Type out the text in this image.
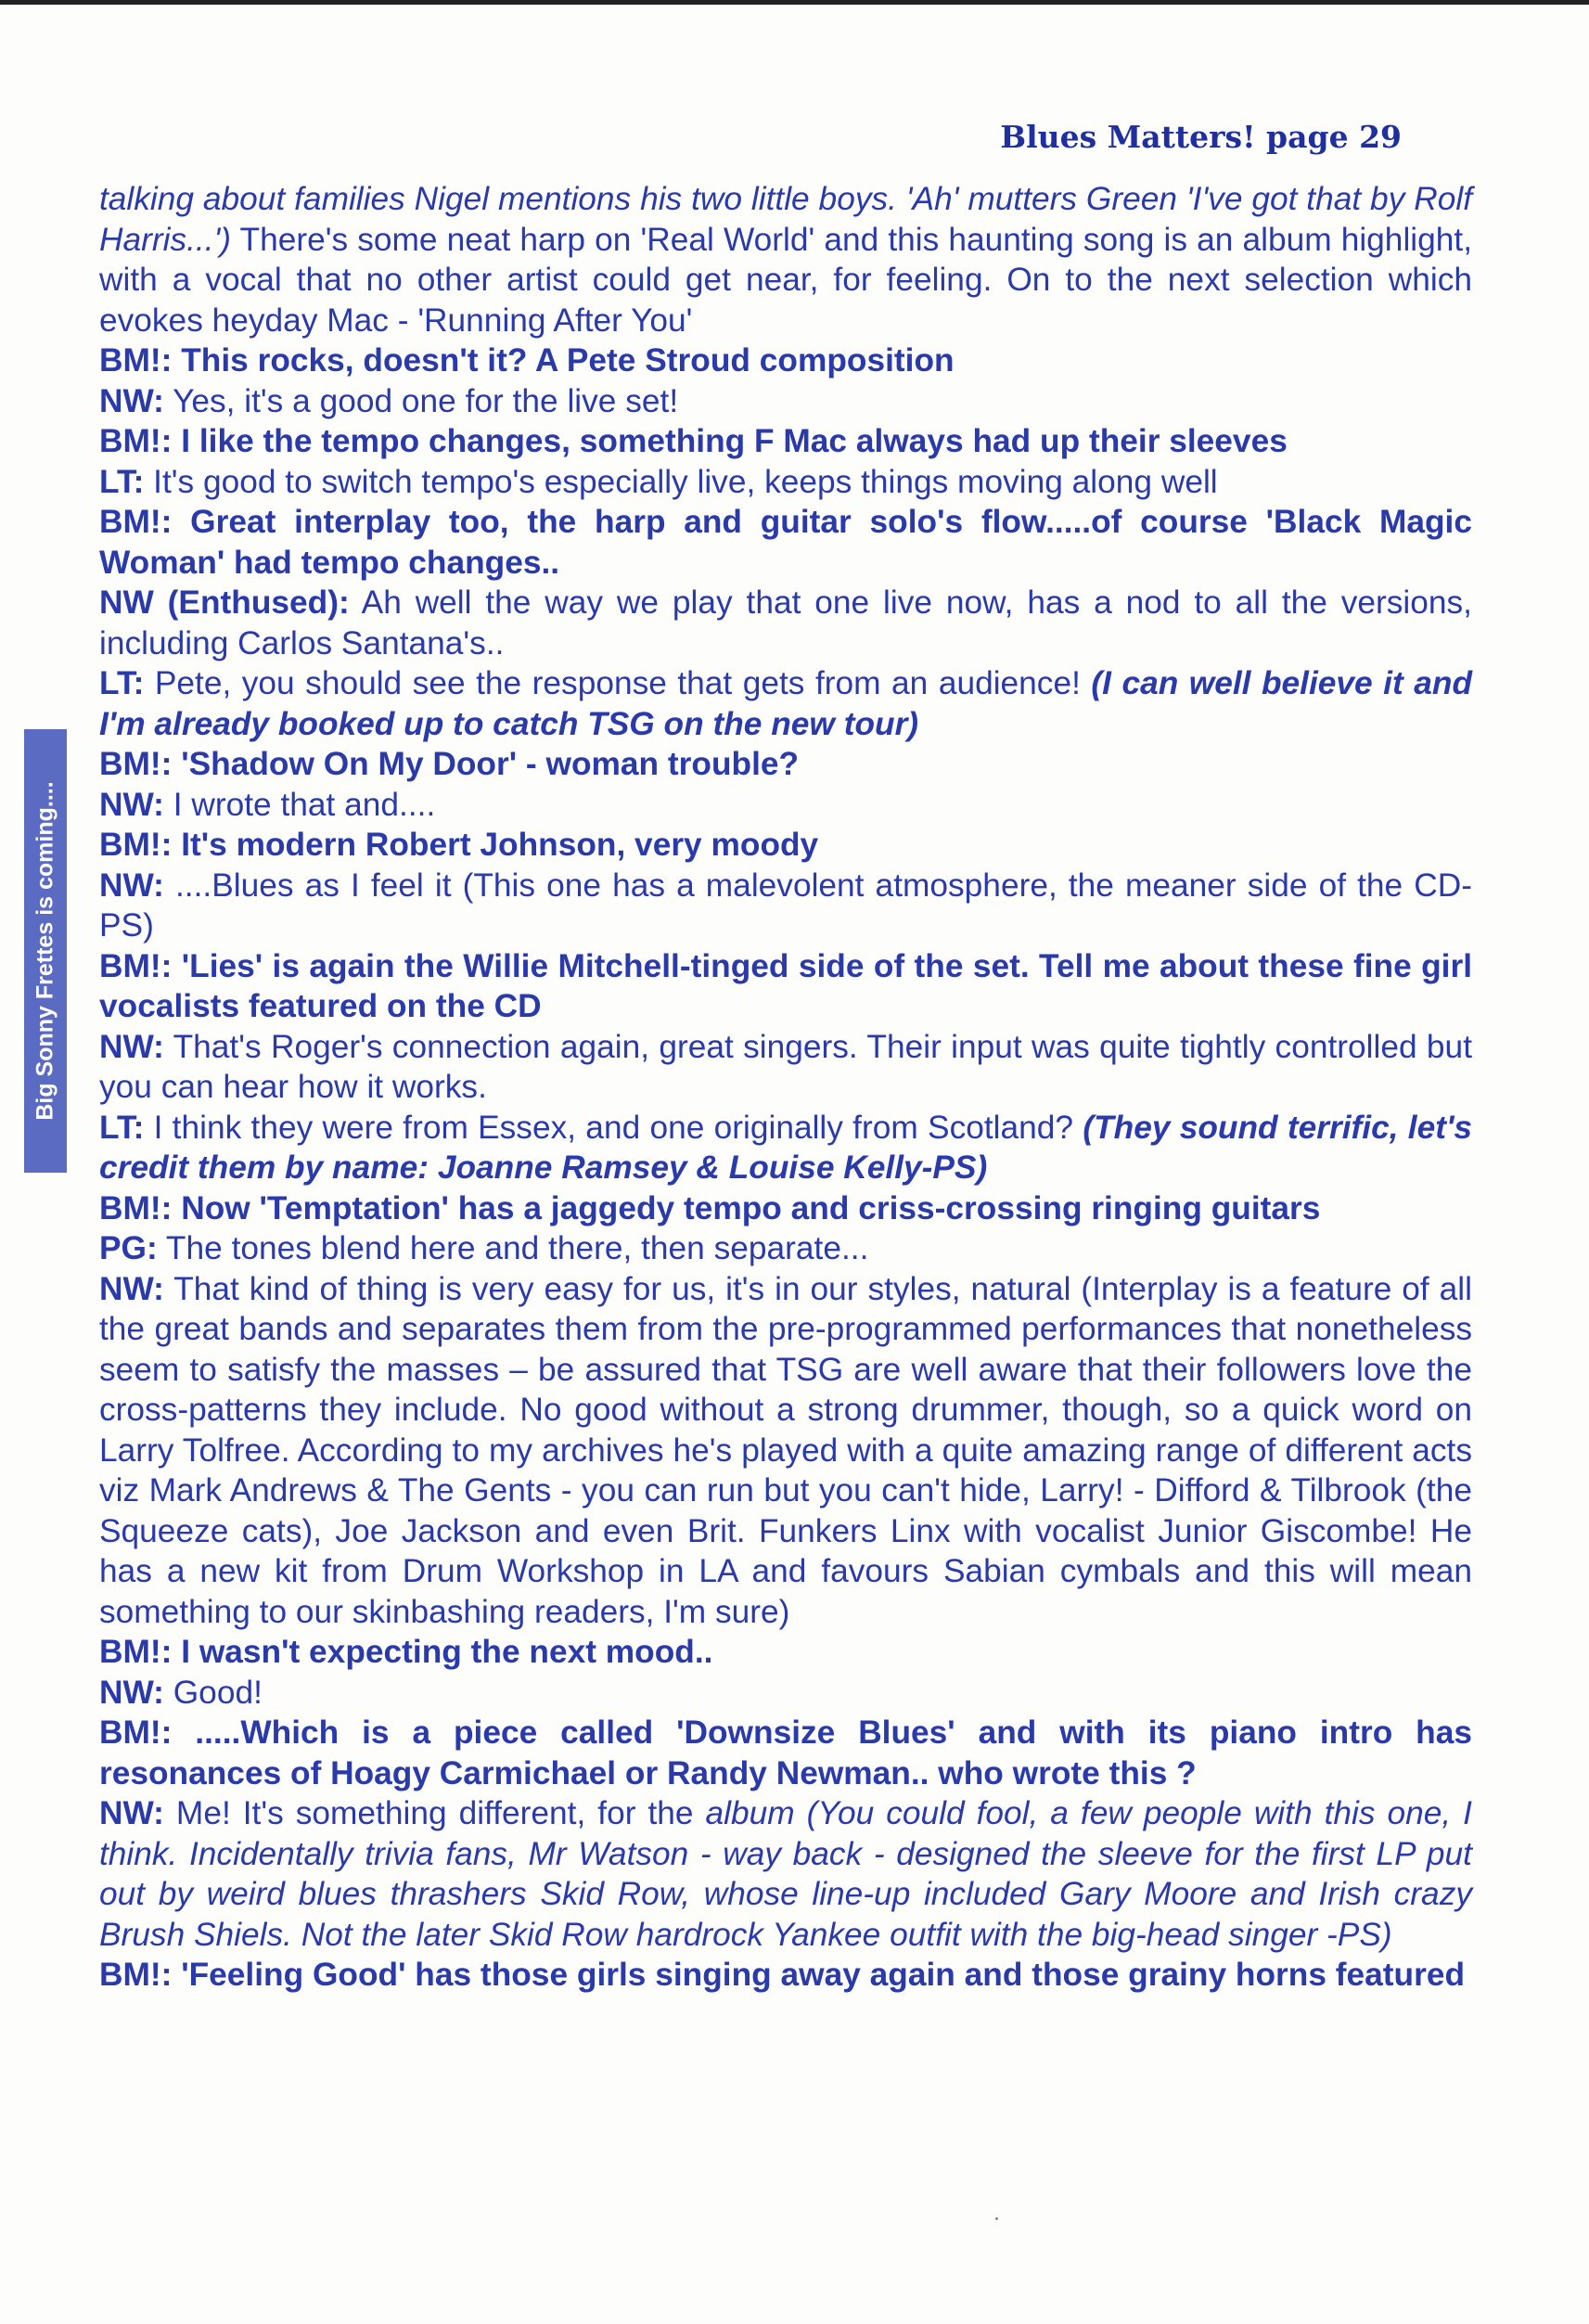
Blues Matters! page 29
Big Sonny Frettes is coming....

talking about families Nigel mentions his two little boys. 'Ah' mutters Green 'I've got that by Rolf Harris...') There's some neat harp on 'Real World' and this haunting song is an album highlight, with a vocal that no other artist could get near, for feeling. On to the next selection which evokes heyday Mac - 'Running After You'

BM!: This rocks, doesn't it? A Pete Stroud composition

NW: Yes, it's a good one for the live set!

BM!: I like the tempo changes, something F Mac always had up their sleeves

LT: It's good to switch tempo's especially live, keeps things moving along well

BM!: Great interplay too, the harp and guitar solo's flow.....of course 'Black Magic Woman' had tempo changes..

NW (Enthused): Ah well the way we play that one live now, has a nod to all the versions, including Carlos Santana's..

LT: Pete, you should see the response that gets from an audience! (I can well believe it and I'm already booked up to catch TSG on the new tour)

BM!: 'Shadow On My Door' - woman trouble?

NW: I wrote that and....

BM!: It's modern Robert Johnson, very moody

NW: ....Blues as I feel it (This one has a malevolent atmosphere, the meaner side of the CD-PS)

BM!: 'Lies' is again the Willie Mitchell-tinged side of the set. Tell me about these fine girl vocalists featured on the CD

NW: That's Roger's connection again, great singers. Their input was quite tightly controlled but you can hear how it works.

LT: I think they were from Essex, and one originally from Scotland? (They sound terrific, let's credit them by name: Joanne Ramsey & Louise Kelly-PS)

BM!: Now 'Temptation' has a jaggedy tempo and criss-crossing ringing guitars

PG: The tones blend here and there, then separate...

NW: That kind of thing is very easy for us, it's in our styles, natural (Interplay is a feature of all the great bands and separates them from the pre-programmed performances that nonetheless seem to satisfy the masses – be assured that TSG are well aware that their followers love the cross-patterns they include. No good without a strong drummer, though, so a quick word on Larry Tolfree. According to my archives he's played with a quite amazing range of different acts viz Mark Andrews & The Gents - you can run but you can't hide, Larry! - Difford & Tilbrook (the Squeeze cats), Joe Jackson and even Brit. Funkers Linx with vocalist Junior Giscombe! He has a new kit from Drum Workshop in LA and favours Sabian cymbals and this will mean something to our skinbashing readers, I'm sure)

BM!: I wasn't expecting the next mood..

NW: Good!

BM!: .....Which is a piece called 'Downsize Blues' and with its piano intro has resonances of Hoagy Carmichael or Randy Newman.. who wrote this ?

NW: Me! It's something different, for the album (You could fool, a few people with this one, I think. Incidentally trivia fans, Mr Watson - way back - designed the sleeve for the first LP put out by weird blues thrashers Skid Row, whose line-up included Gary Moore and Irish crazy Brush Shiels. Not the later Skid Row hardrock Yankee outfit with the big-head singer -PS)

BM!: 'Feeling Good' has those girls singing away again and those grainy horns featured
